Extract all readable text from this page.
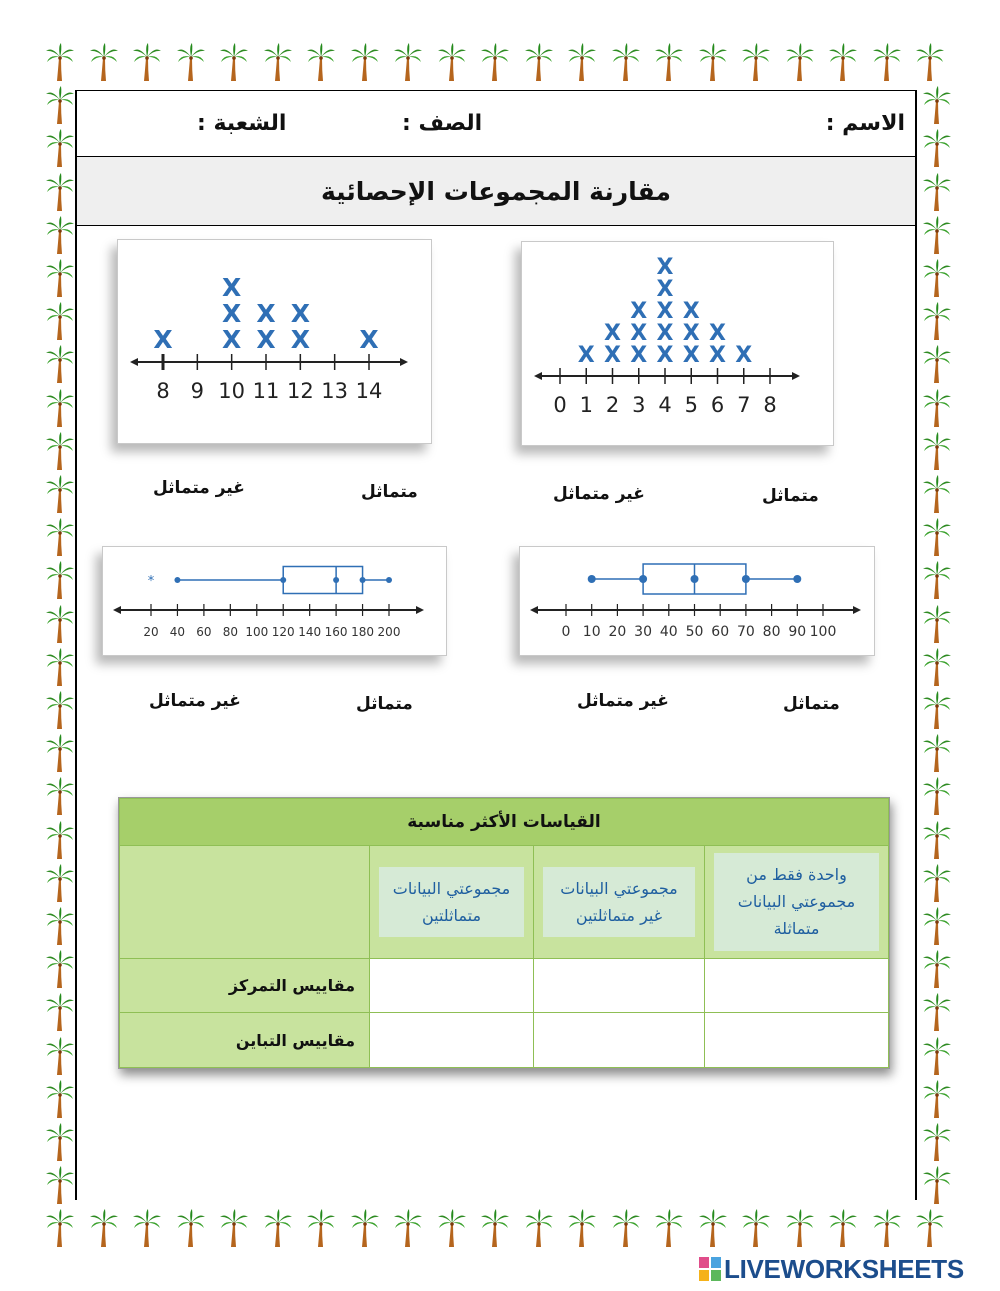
الاسم :
الصف :
الشعبة :
مقارنة المجموعات الإحصائية
0 1 2 3 4 5 6 7 8
X X
X
X
X
X
X
X
X
X
X
X
X
X
X
X
X
8 9 10 11 12 13 14
X X
X
X
X
X
X
X
X
متماثل
غير متماثل
متماثل
غير متماثل
0 10 20 30 40 50 60 70 80 90 100
20 40 60 80 100 120 140 160 180 200
*
متماثل
غير متماثل
متماثل
غير متماثل
القياسات الأكثر مناسبة			

	مجموعتي البيانات متماثلتين	مجموعتي البيانات غير متماثلتين	واحدة فقط من مجموعتي البيانات متماثلة

مقاييس التمركز			
مقاييس التباين			
LIVEWORKSHEETS
